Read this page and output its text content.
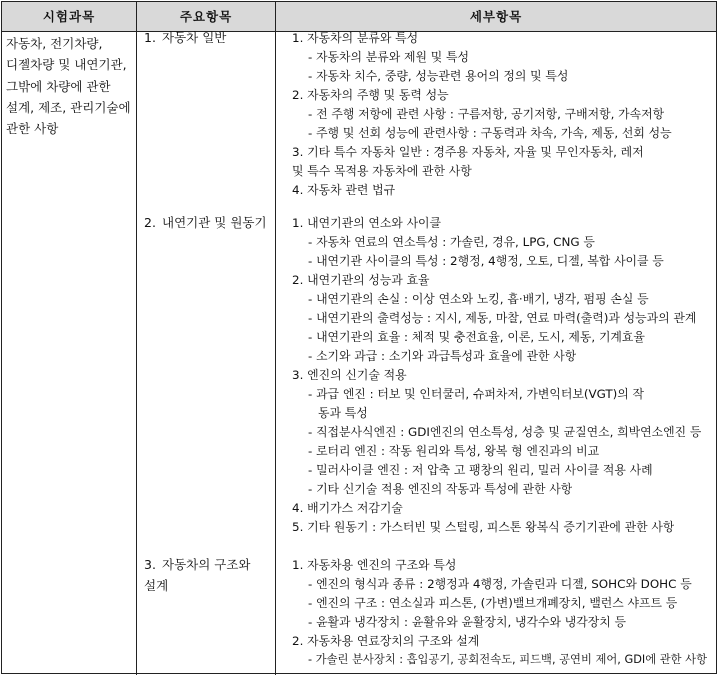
시험과목	주요항목	세부항목
자동차, 전기차량, 디젤차량 및 내연기관, 그밖에 차량에 관한 설계, 제조, 관리기술에 관한 사항
1. 자동차 일반
2. 내연기관 및 원동기
3. 자동차의 구조와 설계
1. 자동차의 분류와 특성
- 자동차의 분류와 제원 및 특성
- 자동차 치수, 중량, 성능관련 용어의 정의 및 특성
2. 자동차의 주행 및 동력 성능
- 전 주행 저항에 관련 사항 : 구름저항, 공기저항, 구배저항, 가속저항
- 주행 및 선회 성능에 관련사항 : 구동력과 차속, 가속, 제동, 선회 성능
3. 기타 특수 자동차 일반 : 경주용 자동차, 자율 및 무인자동차, 레저
및 특수 목적용 자동차에 관한 사항
4. 자동차 관련 법규
1. 내연기관의 연소와 사이클
- 자동차 연료의 연소특성 : 가솔린, 경유, LPG, CNG 등
- 내연기관 사이클의 특성 : 2행정, 4행정, 오토, 디젤, 복합 사이클 등
2. 내연기관의 성능과 효율
- 내연기관의 손실 : 이상 연소와 노킹, 흡·배기, 냉각, 펌핑 손실 등
- 내연기관의 출력성능 : 지시, 제동, 마찰, 연료 마력(출력)과 성능과의 관계
- 내연기관의 효율 : 체적 및 충전효율, 이론, 도시, 제동, 기계효율
- 소기와 과급 : 소기와 과급특성과 효율에 관한 사항
3. 엔진의 신기술 적용
- 과급 엔진 : 터보 및 인터쿨러, 슈퍼차저, 가변익터보(VGT)의 작
동과 특성
- 직접분사식엔진 : GDI엔진의 연소특성, 성층 및 균질연소, 희박연소엔진 등
- 로터리 엔진 : 작동 원리와 특성, 왕복 형 엔진과의 비교
- 밀러사이클 엔진 : 저 압축 고 팽창의 원리, 밀러 사이클 적용 사례
- 기타 신기술 적용 엔진의 작동과 특성에 관한 사항
4. 배기가스 저감기술
5. 기타 원동기 : 가스터빈 및 스털링, 피스톤 왕복식 증기기관에 관한 사항
1. 자동차용 엔진의 구조와 특성
- 엔진의 형식과 종류 : 2행정과 4행정, 가솔린과 디젤, SOHC와 DOHC 등
- 엔진의 구조 : 연소실과 피스톤, (가변)밸브개폐장치, 밸런스 샤프트 등
- 윤활과 냉각장치 : 윤활유와 윤활장치, 냉각수와 냉각장치 등
2. 자동차용 연료장치의 구조와 설계
- 가솔린 분사장치 : 흡입공기, 공회전속도, 피드백, 공연비 제어, GDI에 관한 사항
